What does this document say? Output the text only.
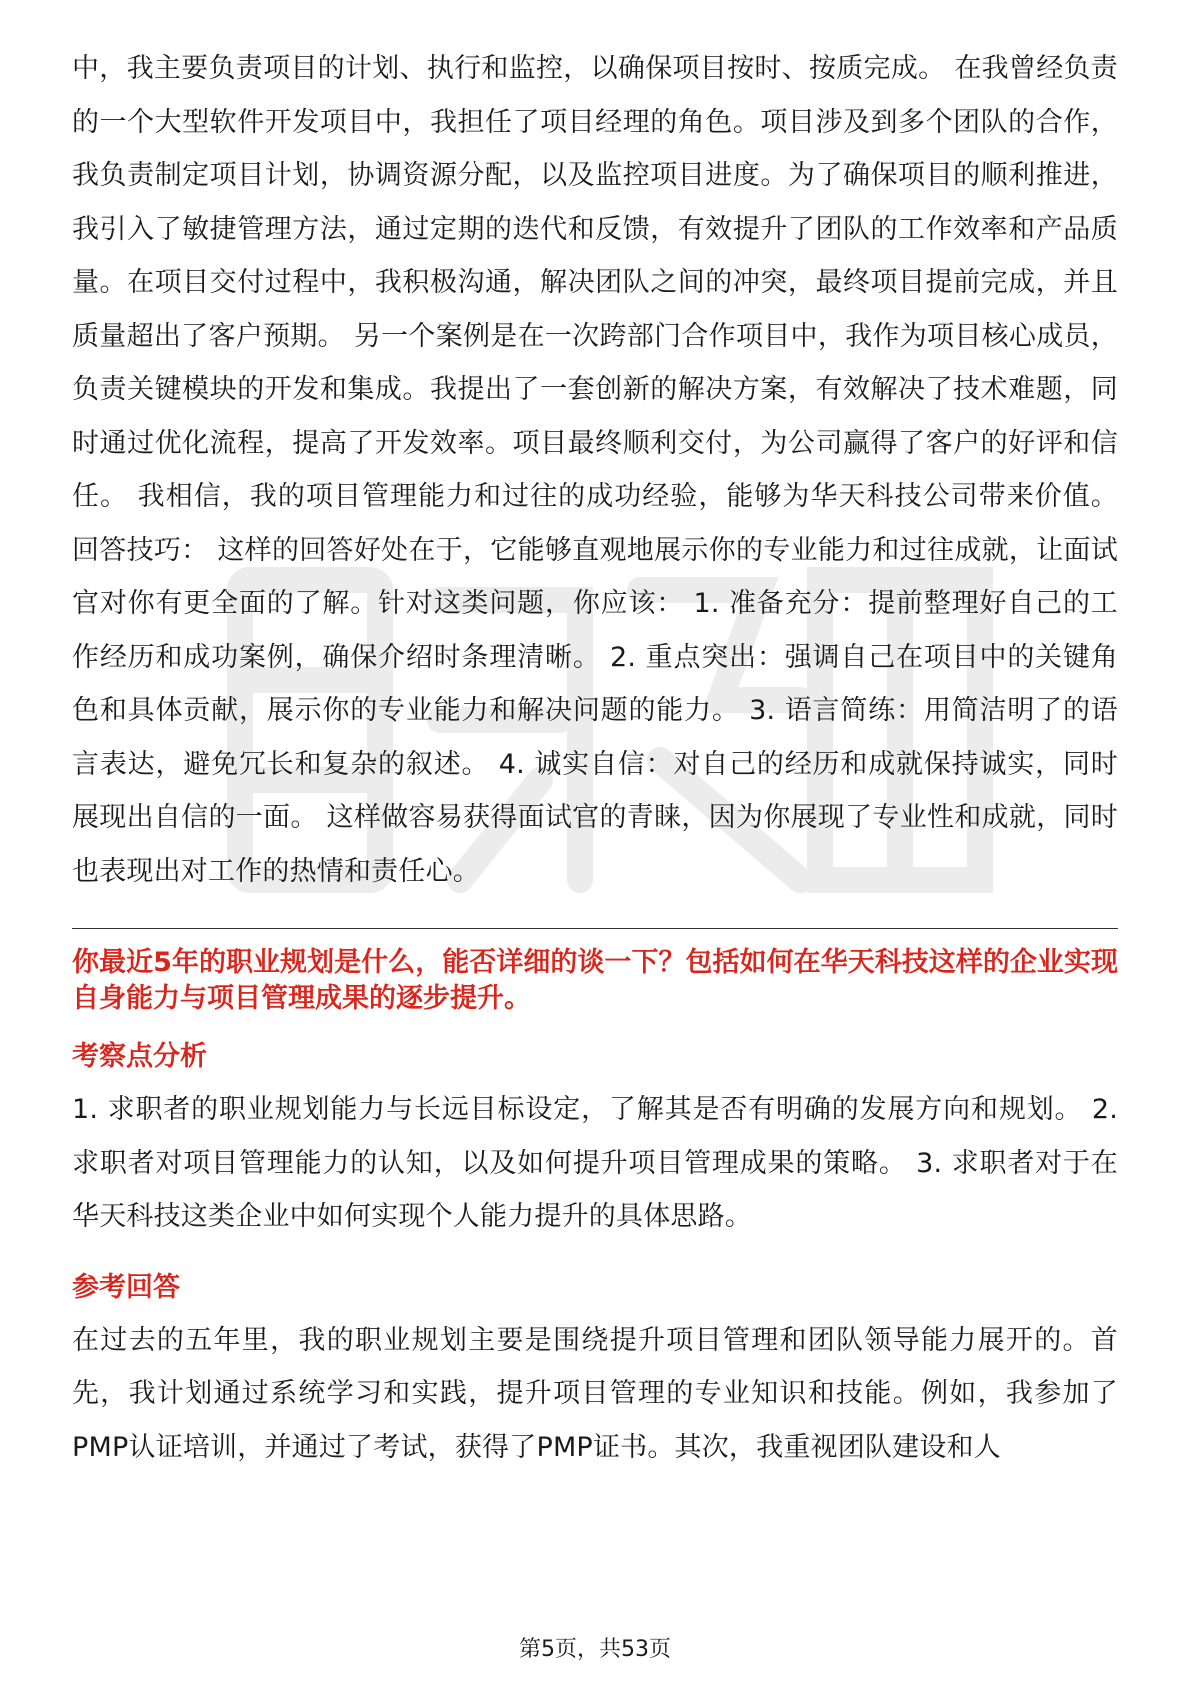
中，我主要负责项目的计划、执行和监控，以确保项目按时、按质完成。 在我曾经负责的一个大型软件开发项目中，我担任了项目经理的角色。项目涉及到多个团队的合作，我负责制定项目计划，协调资源分配，以及监控项目进度。为了确保项目的顺利推进，我引入了敏捷管理方法，通过定期的迭代和反馈，有效提升了团队的工作效率和产品质量。在项目交付过程中，我积极沟通，解决团队之间的冲突，最终项目提前完成，并且质量超出了客户预期。 另一个案例是在一次跨部门合作项目中，我作为项目核心成员，负责关键模块的开发和集成。我提出了一套创新的解决方案，有效解决了技术难题，同时通过优化流程，提高了开发效率。项目最终顺利交付，为公司赢得了客户的好评和信任。 我相信，我的项目管理能力和过往的成功经验，能够为华天科技公司带来价值。 回答技巧： 这样的回答好处在于，它能够直观地展示你的专业能力和过往成就，让面试官对你有更全面的了解。针对这类问题，你应该： 1. 准备充分：提前整理好自己的工作经历和成功案例，确保介绍时条理清晰。 2. 重点突出：强调自己在项目中的关键角色和具体贡献，展示你的专业能力和解决问题的能力。 3. 语言简练：用简洁明了的语言表达，避免冗长和复杂的叙述。 4. 诚实自信：对自己的经历和成就保持诚实，同时展现出自信的一面。 这样做容易获得面试官的青睐，因为你展现了专业性和成就，同时也表现出对工作的热情和责任心。

你最近5年的职业规划是什么，能否详细的谈一下？包括如何在华天科技这样的企业实现自身能力与项目管理成果的逐步提升。

考察点分析

1. 求职者的职业规划能力与长远目标设定，了解其是否有明确的发展方向和规划。 2. 求职者对项目管理能力的认知，以及如何提升项目管理成果的策略。 3. 求职者对于在华天科技这类企业中如何实现个人能力提升的具体思路。

参考回答

在过去的五年里，我的职业规划主要是围绕提升项目管理和团队领导能力展开的。首先，我计划通过系统学习和实践，提升项目管理的专业知识和技能。例如，我参加了PMP认证培训，并通过了考试，获得了PMP证书。其次，我重视团队建设和人

第5页，共53页
